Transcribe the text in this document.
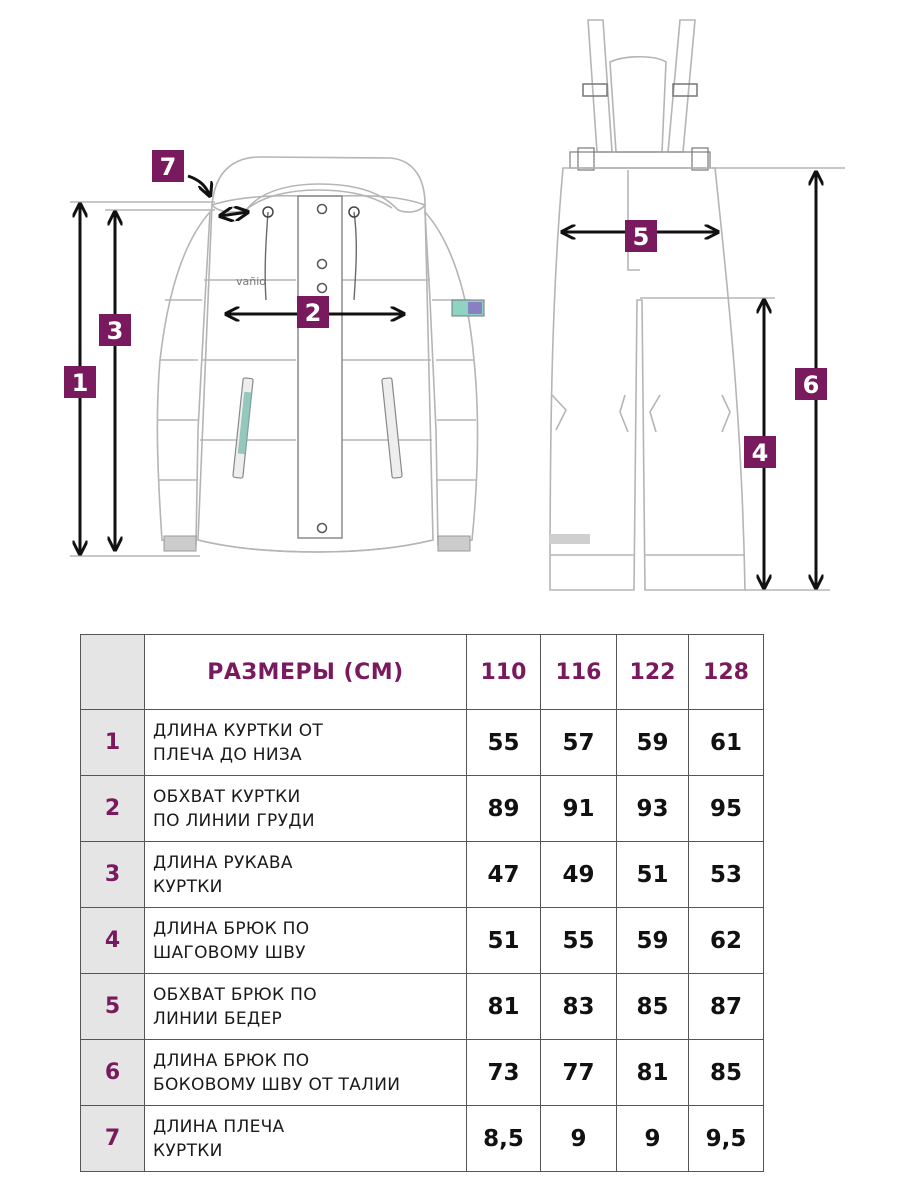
vañio
1
2
3
4
5
6
7
	РАЗМЕРЫ (СМ)	110	116	122	128
1	ДЛИНА КУРТКИ ОТ
ПЛЕЧА ДО НИЗА	55	57	59	61
2	ОБХВАТ КУРТКИ
ПО ЛИНИИ ГРУДИ	89	91	93	95
3	ДЛИНА РУКАВА
КУРТКИ	47	49	51	53
4	ДЛИНА БРЮК ПО
ШАГОВОМУ ШВУ	51	55	59	62
5	ОБХВАТ БРЮК ПО
ЛИНИИ БЕДЕР	81	83	85	87
6	ДЛИНА БРЮК ПО
БОКОВОМУ ШВУ ОТ ТАЛИИ	73	77	81	85
7	ДЛИНА ПЛЕЧА
КУРТКИ	8,5	9	9	9,5
